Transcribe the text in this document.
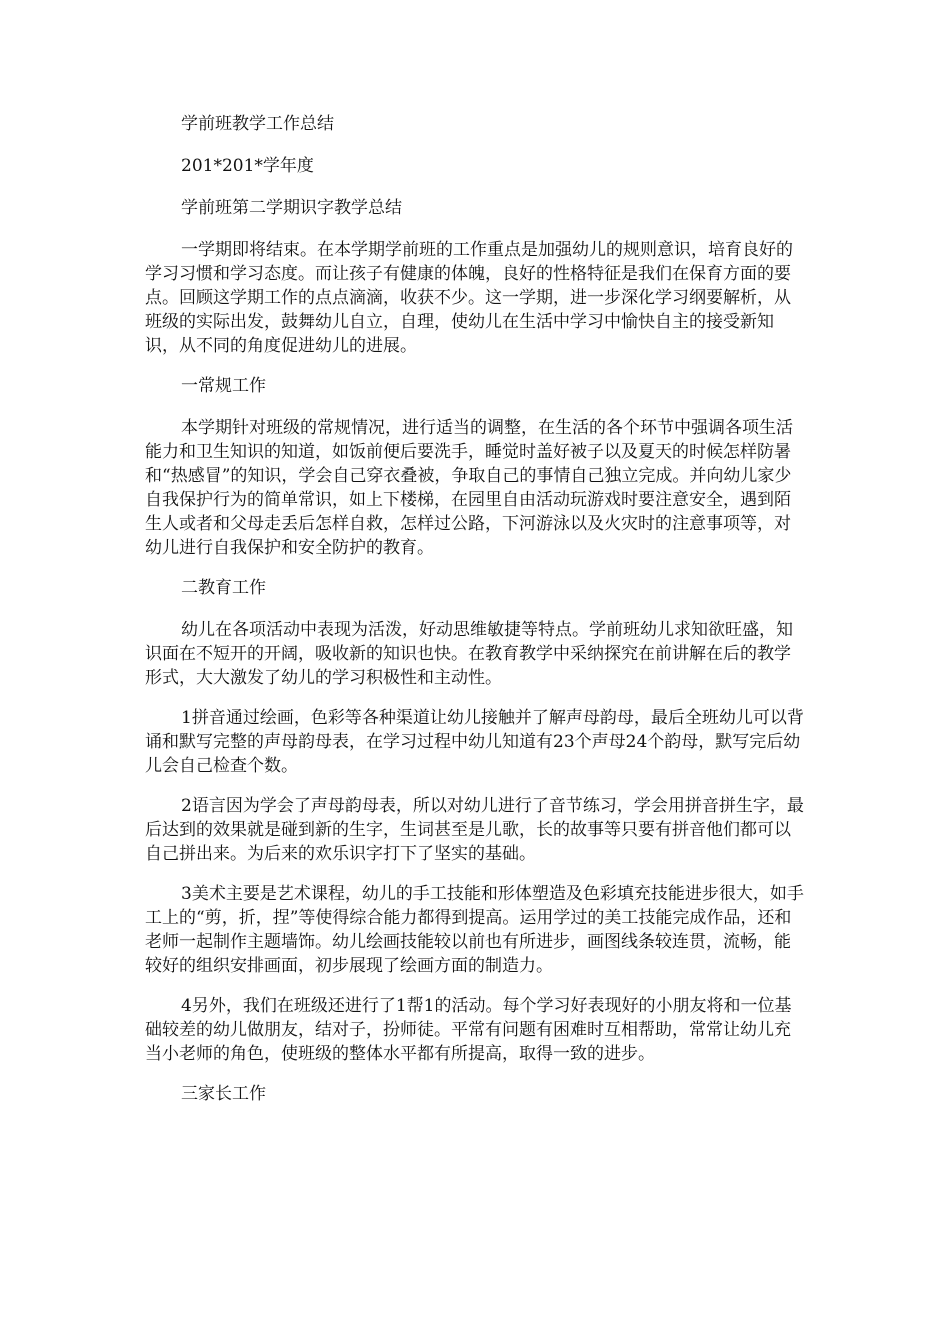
学前班教学工作总结

201*201*学年度

学前班第二学期识字教学总结

一学期即将结束。在本学期学前班的工作重点是加强幼儿的规则意识，培育良好的学习习惯和学习态度。而让孩子有健康的体魄，良好的性格特征是我们在保育方面的要点。回顾这学期工作的点点滴滴，收获不少。这一学期，进一步深化学习纲要解析，从班级的实际出发，鼓舞幼儿自立，自理，使幼儿在生活中学习中愉快自主的接受新知识，从不同的角度促进幼儿的进展。

一常规工作

本学期针对班级的常规情况，进行适当的调整，在生活的各个环节中强调各项生活能力和卫生知识的知道，如饭前便后要洗手，睡觉时盖好被子以及夏天的时候怎样防暑和“热感冒”的知识，学会自己穿衣叠被，争取自己的事情自己独立完成。并向幼儿家少自我保护行为的简单常识，如上下楼梯，在园里自由活动玩游戏时要注意安全，遇到陌生人或者和父母走丢后怎样自救，怎样过公路，下河游泳以及火灾时的注意事项等，对幼儿进行自我保护和安全防护的教育。

二教育工作

幼儿在各项活动中表现为活泼，好动思维敏捷等特点。学前班幼儿求知欲旺盛，知识面在不短开的开阔，吸收新的知识也快。在教育教学中采纳探究在前讲解在后的教学形式，大大激发了幼儿的学习积极性和主动性。

1拼音通过绘画，色彩等各种渠道让幼儿接触并了解声母韵母，最后全班幼儿可以背诵和默写完整的声母韵母表，在学习过程中幼儿知道有23个声母24个韵母，默写完后幼儿会自己检查个数。

2语言因为学会了声母韵母表，所以对幼儿进行了音节练习，学会用拼音拼生字，最后达到的效果就是碰到新的生字，生词甚至是儿歌，长的故事等只要有拼音他们都可以自己拼出来。为后来的欢乐识字打下了坚实的基础。

3美术主要是艺术课程，幼儿的手工技能和形体塑造及色彩填充技能进步很大，如手工上的“剪，折，捏”等使得综合能力都得到提高。运用学过的美工技能完成作品，还和老师一起制作主题墙饰。幼儿绘画技能较以前也有所进步，画图线条较连贯，流畅，能较好的组织安排画面，初步展现了绘画方面的制造力。

4另外，我们在班级还进行了1帮1的活动。每个学习好表现好的小朋友将和一位基础较差的幼儿做朋友，结对子，扮师徒。平常有问题有困难时互相帮助，常常让幼儿充当小老师的角色，使班级的整体水平都有所提高，取得一致的进步。

三家长工作
